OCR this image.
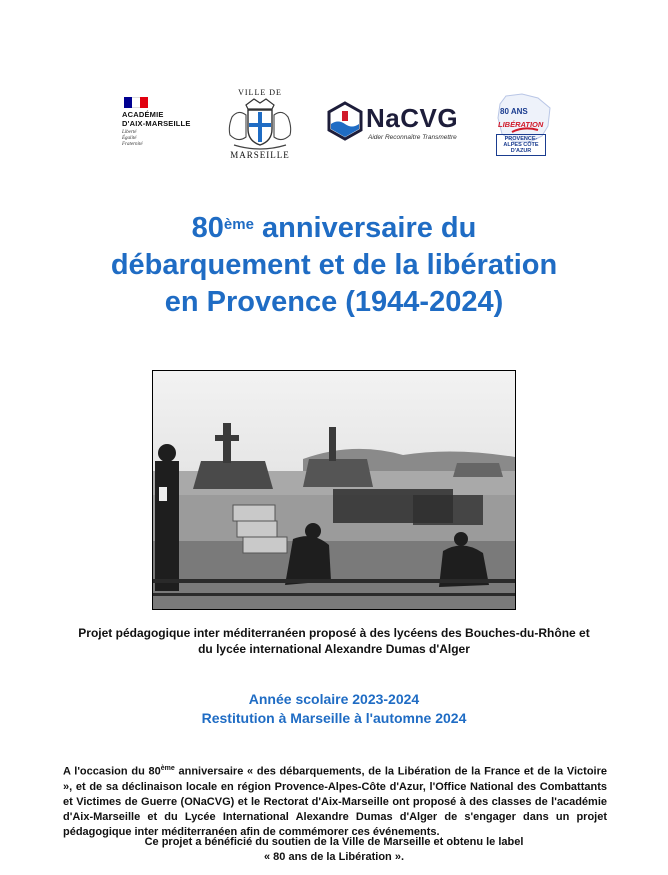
ACADÉMIE
D'AIX-MARSEILLE
Liberté
Égalité
Fraternité
VILLE DE
MARSEILLE
NaCVG
Aider Reconnaître Transmettre
80 ANS
LIBÉRATION
PROVENCE-ALPES CÔTE D'AZUR
80ème anniversaire du
débarquement et de la libération
en Provence (1944-2024)
Projet pédagogique inter méditerranéen proposé à des lycéens des Bouches-du-Rhône et
du lycée international Alexandre Dumas d'Alger
Année scolaire 2023-2024
Restitution à Marseille à l'automne 2024
A l'occasion du 80ème anniversaire « des débarquements, de la Libération de la France et de la Victoire », et de sa déclinaison locale en région Provence-Alpes-Côte d'Azur, l'Office National des Combattants et Victimes de Guerre (ONaCVG) et le Rectorat d'Aix-Marseille ont proposé à des classes de l'académie d'Aix-Marseille et du Lycée International Alexandre Dumas d'Alger de s'engager dans un projet pédagogique inter méditerranéen afin de commémorer ces événements.
Ce projet a bénéficié du soutien de la Ville de Marseille et obtenu le label
« 80 ans de la Libération ».
